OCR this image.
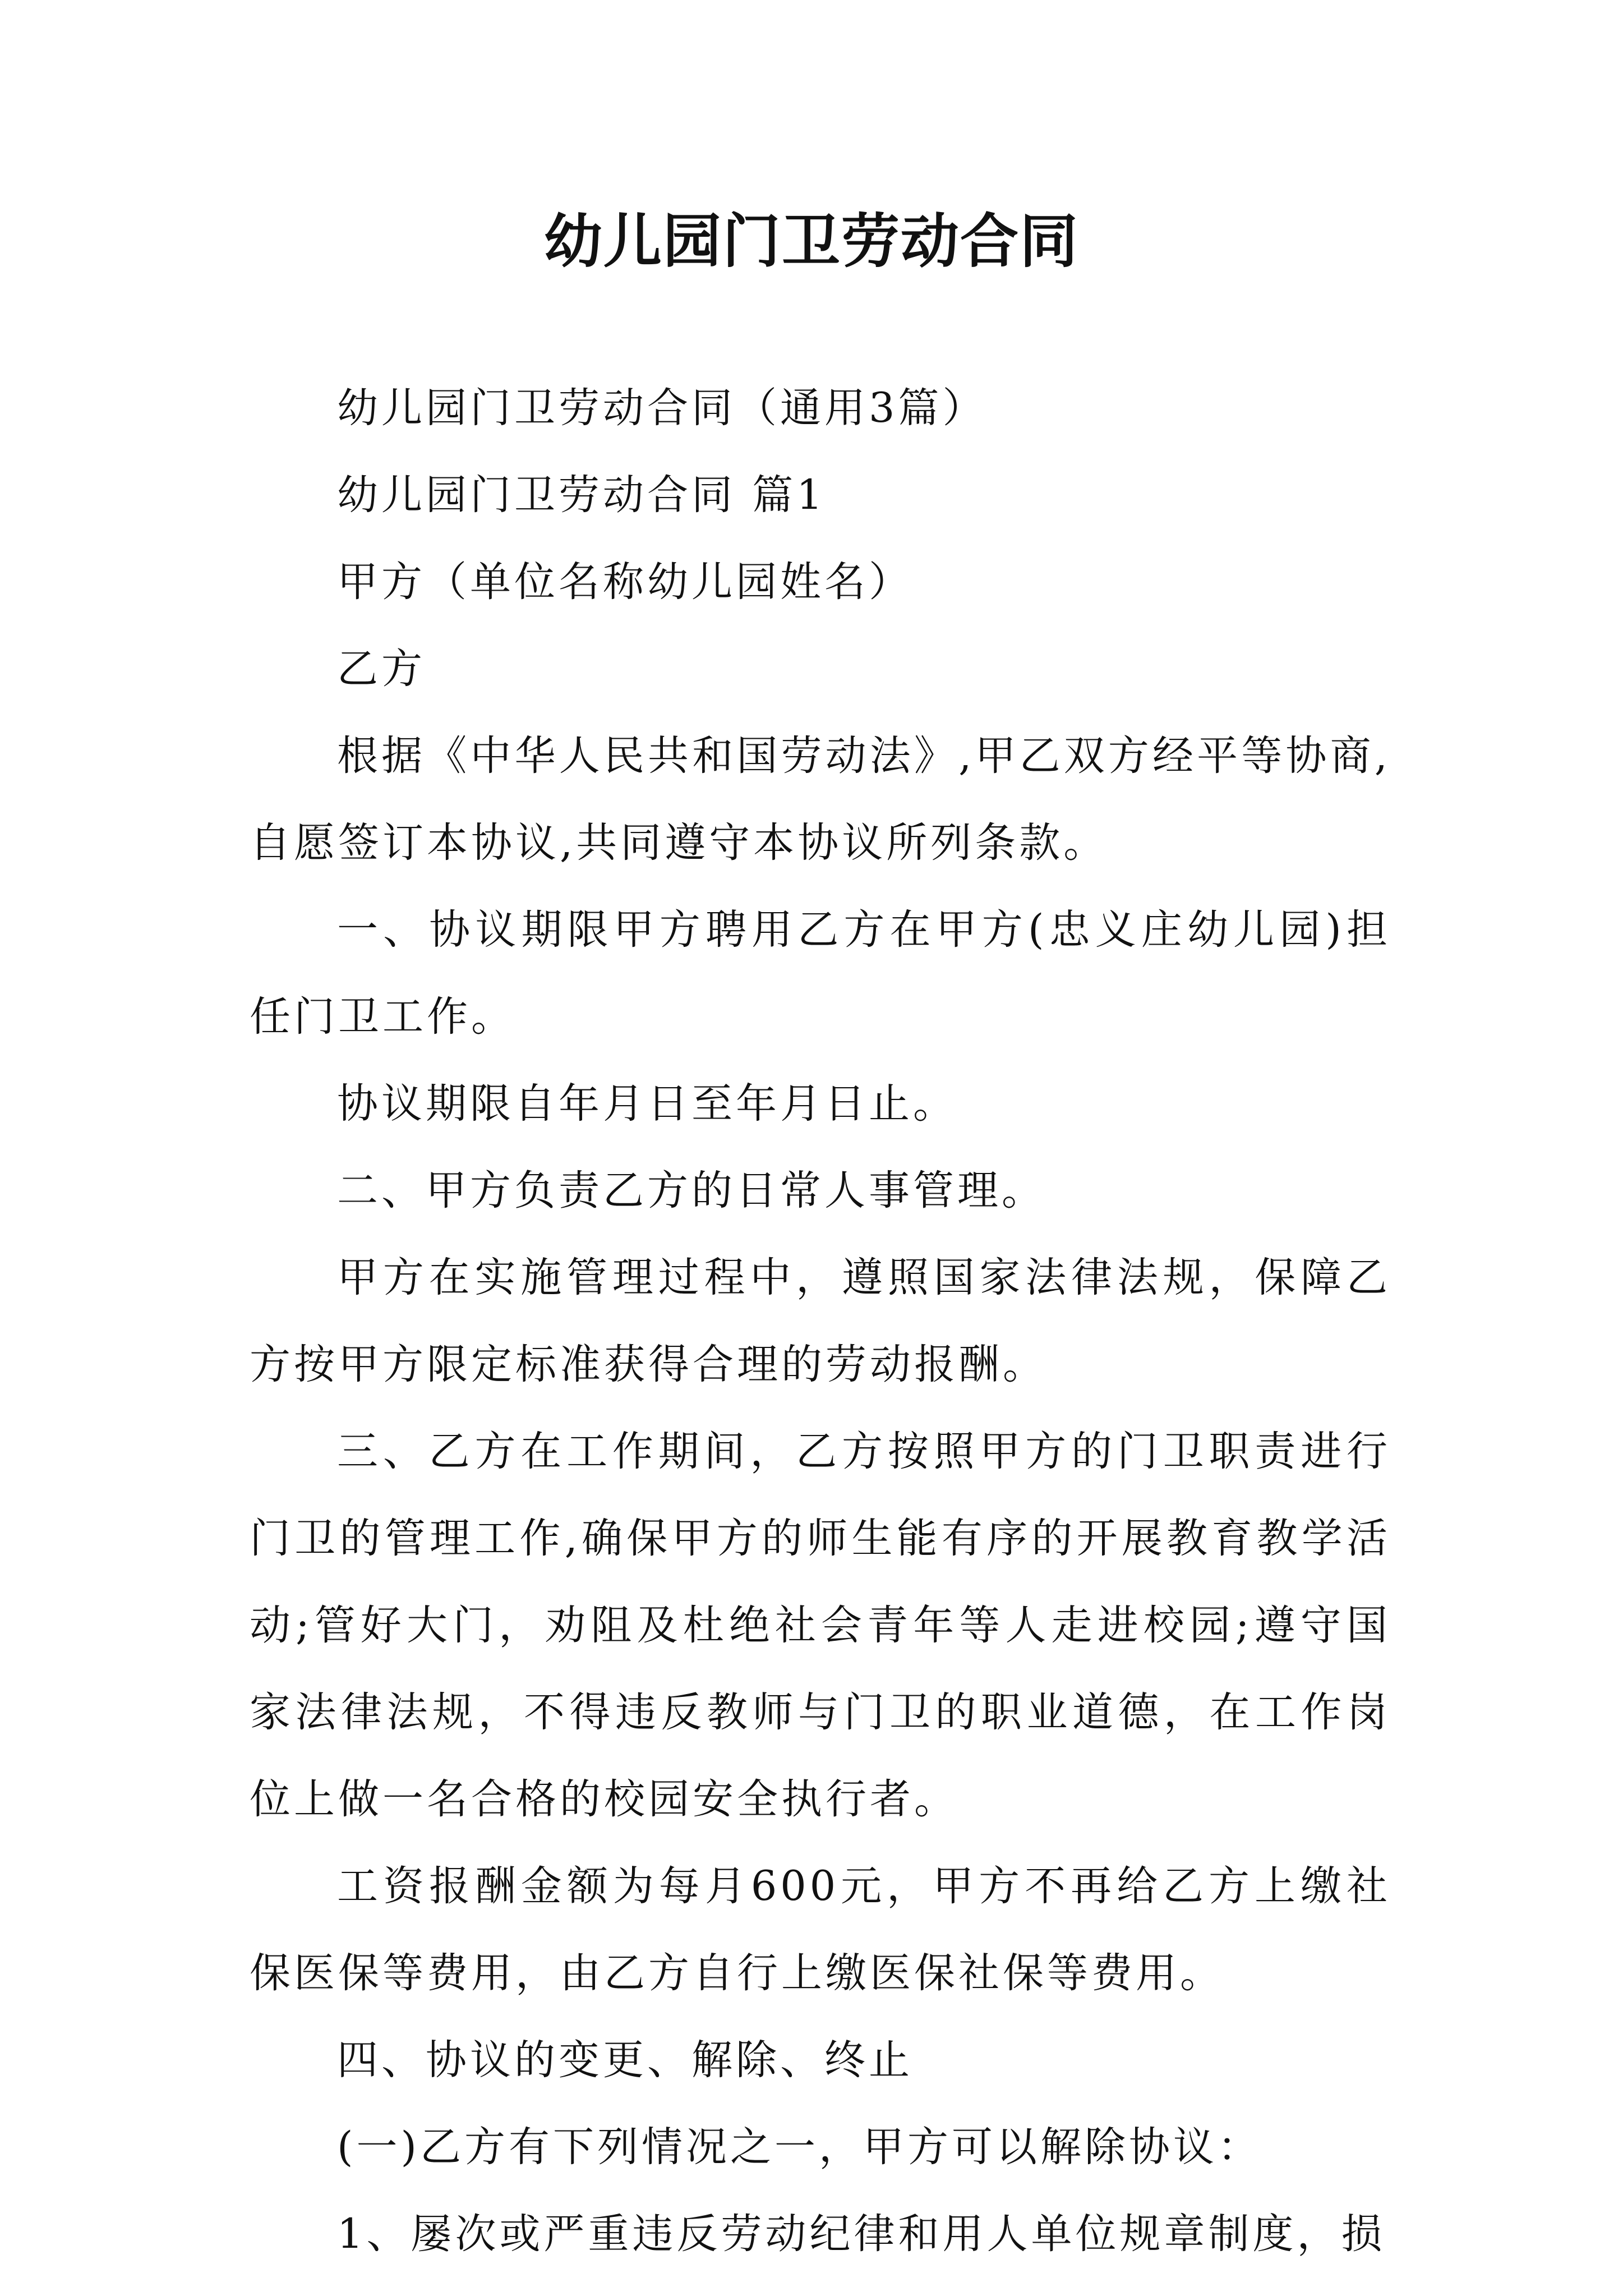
幼儿园门卫劳动合同

幼儿园门卫劳动合同（通用3篇）

幼儿园门卫劳动合同 篇1

甲方（单位名称幼儿园姓名）

乙方

根据《中华人民共和国劳动法》,甲乙双方经平等协商,自愿签订本协议,共同遵守本协议所列条款。

一、协议期限甲方聘用乙方在甲方(忠义庄幼儿园)担任门卫工作。

协议期限自年月日至年月日止。

二、甲方负责乙方的日常人事管理。

甲方在实施管理过程中，遵照国家法律法规，保障乙方按甲方限定标准获得合理的劳动报酬。

三、乙方在工作期间，乙方按照甲方的门卫职责进行门卫的管理工作,确保甲方的师生能有序的开展教育教学活动;管好大门，劝阻及杜绝社会青年等人走进校园;遵守国家法律法规，不得违反教师与门卫的职业道德，在工作岗位上做一名合格的校园安全执行者。

工资报酬金额为每月600元，甲方不再给乙方上缴社保医保等费用，由乙方自行上缴医保社保等费用。

四、协议的变更、解除、终止

(一)乙方有下列情况之一，甲方可以解除协议：

1、屡次或严重违反劳动纪律和用人单位规章制度，损
